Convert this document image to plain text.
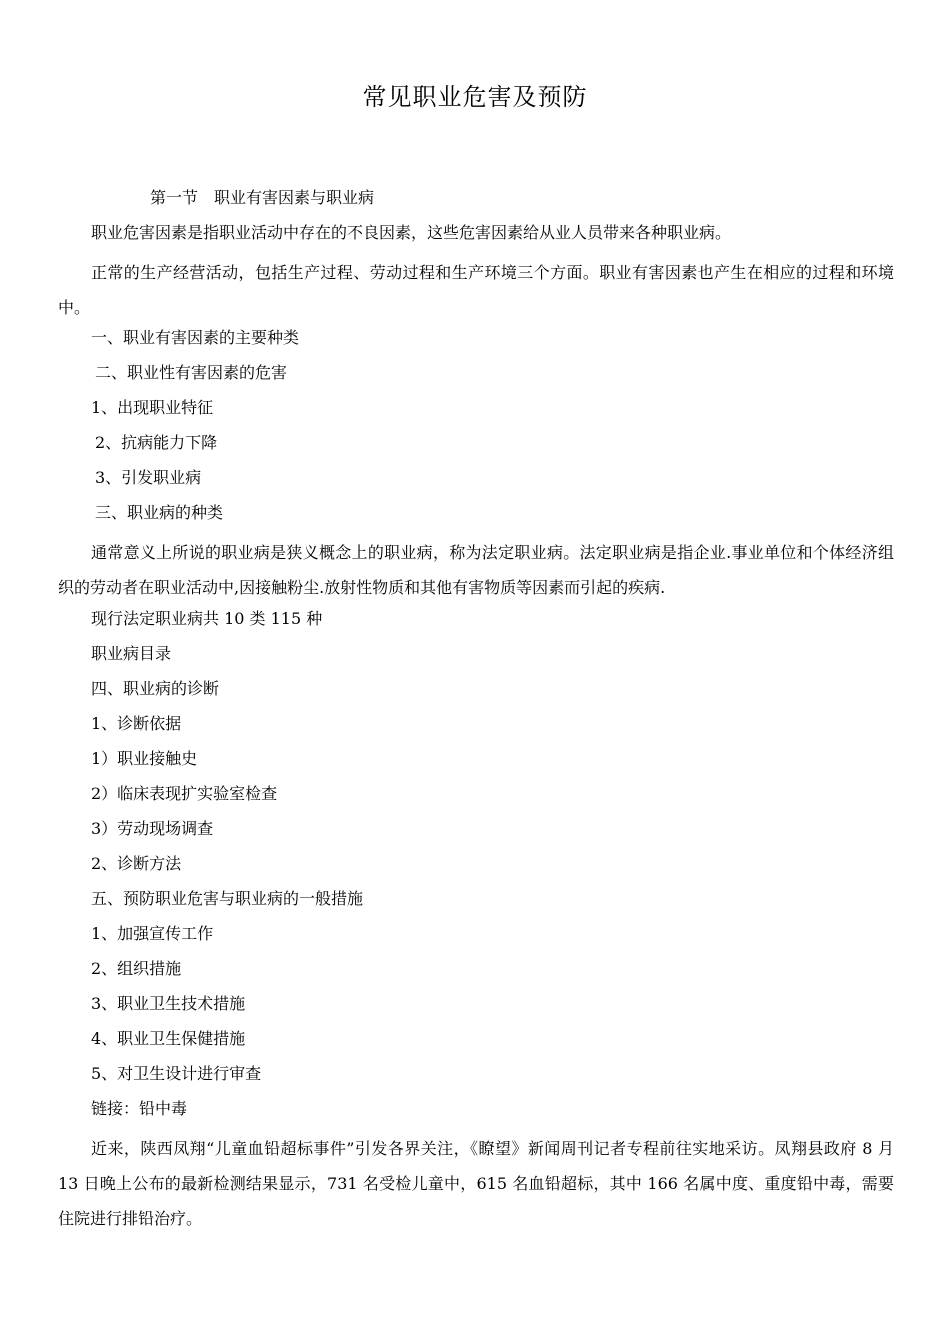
常见职业危害及预防
第一节　职业有害因素与职业病
职业危害因素是指职业活动中存在的不良因素，这些危害因素给从业人员带来各种职业病。
正常的生产经营活动，包括生产过程、劳动过程和生产环境三个方面。职业有害因素也产生在相应的过程和环境中。
一、职业有害因素的主要种类
二、职业性有害因素的危害
1、出现职业特征
2、抗病能力下降
3、引发职业病
三、职业病的种类
通常意义上所说的职业病是狭义概念上的职业病，称为法定职业病。法定职业病是指企业.事业单位和个体经济组织的劳动者在职业活动中,因接触粉尘.放射性物质和其他有害物质等因素而引起的疾病.
现行法定职业病共 10 类 115 种
职业病目录
四、职业病的诊断
1、诊断依据
1）职业接触史
2）临床表现扩实验室检查
3）劳动现场调查
2、诊断方法
五、预防职业危害与职业病的一般措施
1、加强宣传工作
2、组织措施
3、职业卫生技术措施
4、职业卫生保健措施
5、对卫生设计进行审查
链接：铅中毒
近来，陕西凤翔“儿童血铅超标事件”引发各界关注，《瞭望》新闻周刊记者专程前往实地采访。凤翔县政府 8 月 13 日晚上公布的最新检测结果显示，731 名受检儿童中，615 名血铅超标，其中 166 名属中度、重度铅中毒，需要住院进行排铅治疗。
